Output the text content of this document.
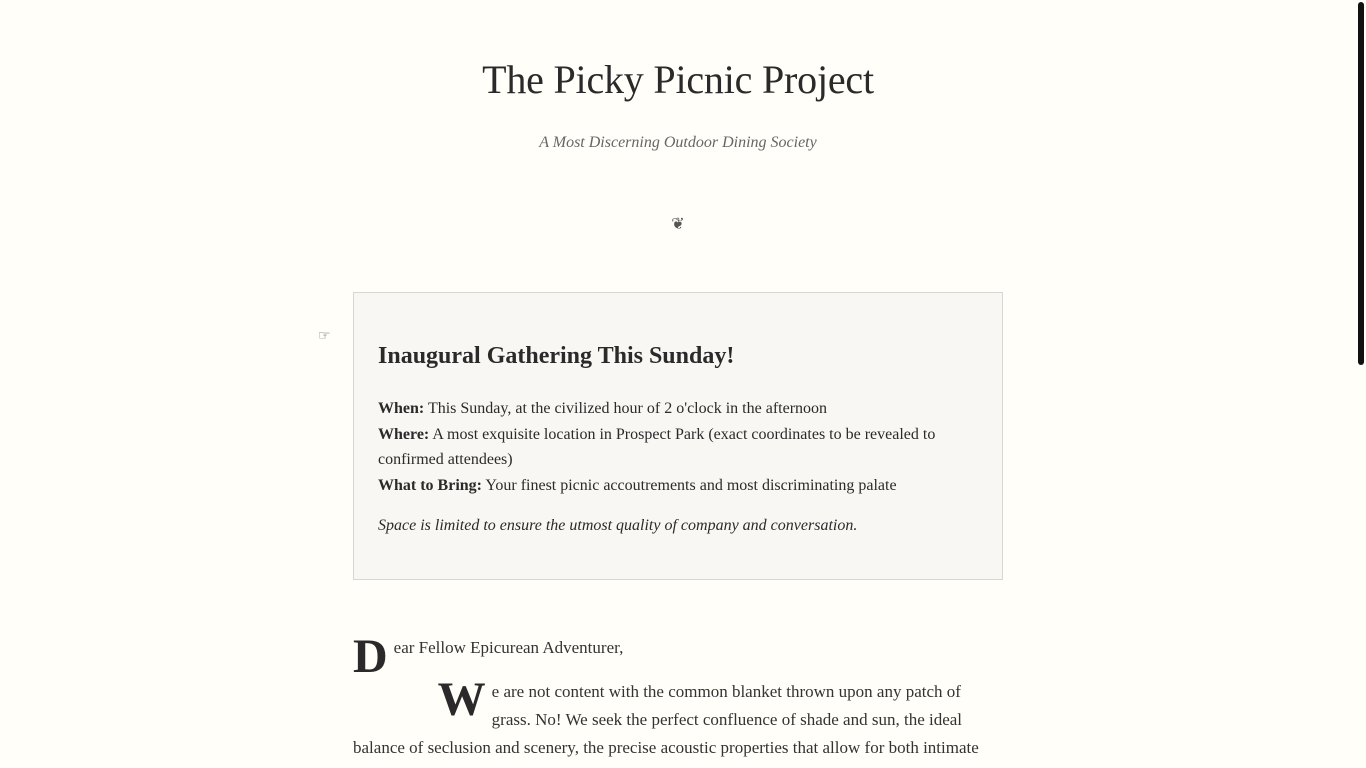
The Picky Picnic Project

A Most Discerning Outdoor Dining Society

❦
☞
Inaugural Gathering This Sunday!

When: This Sunday, at the civilized hour of 2 o'clock in the afternoon

Where: A most exquisite location in Prospect Park (exact coordinates to be revealed to confirmed attendees)

What to Bring: Your finest picnic accoutrements and most discriminating palate

Space is limited to ensure the utmost quality of company and conversation.

Dear Fellow Epicurean Adventurer,

We are not content with the common blanket thrown upon any patch of grass. No! We seek the perfect confluence of shade and sun, the ideal balance of seclusion and scenery, the precise acoustic properties that allow for both intimate
